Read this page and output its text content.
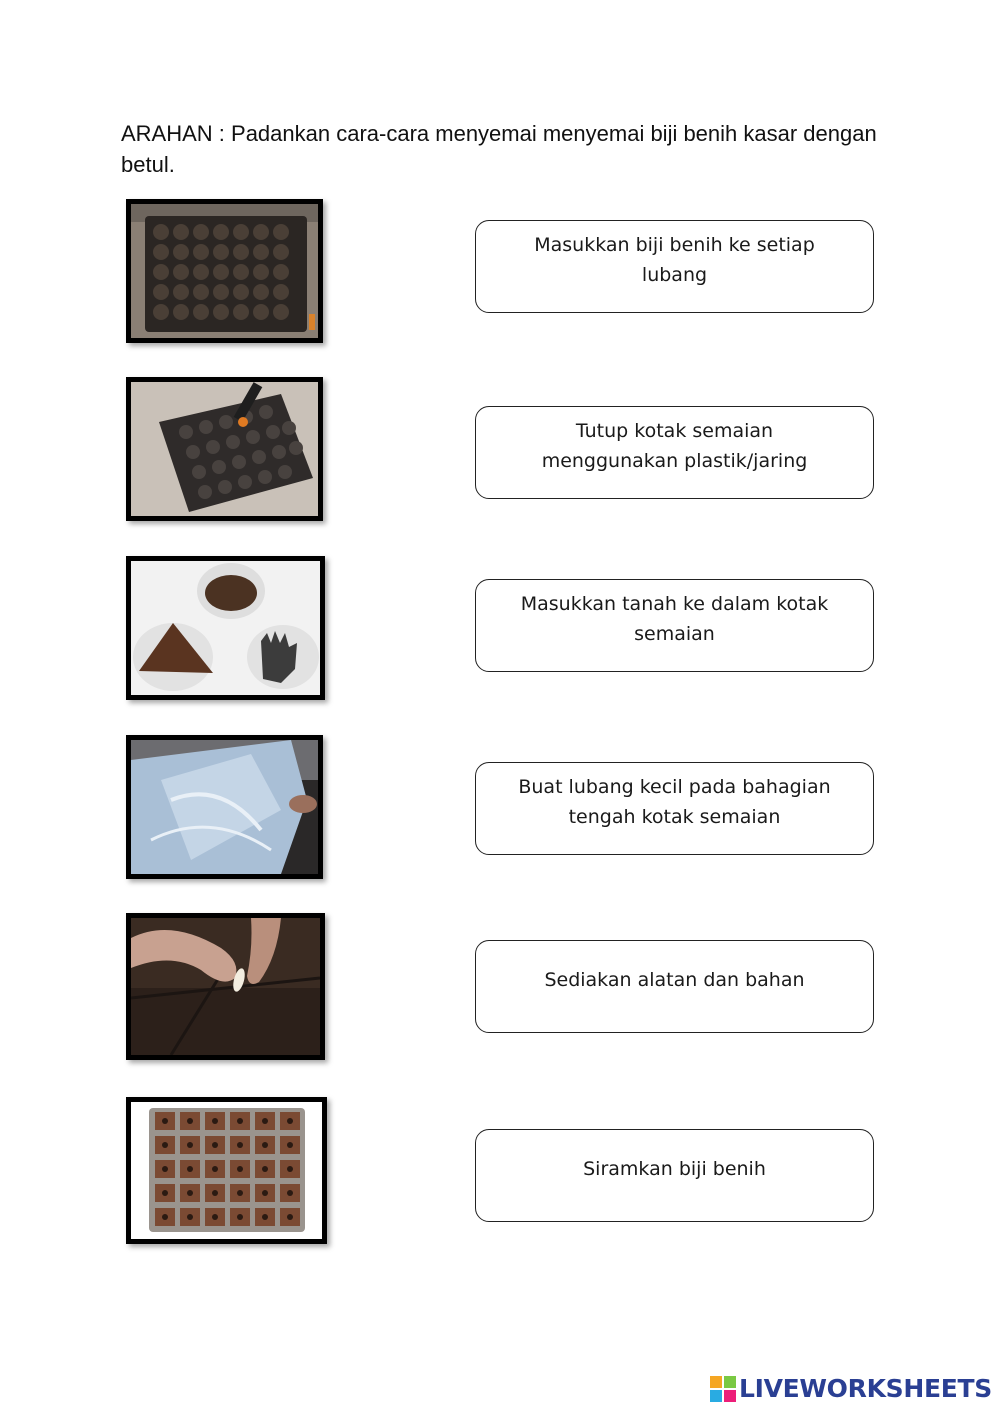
ARAHAN : Padankan cara-cara menyemai menyemai biji benih kasar dengan betul.
Masukkan biji benih ke setiap lubang
Tutup kotak semaian menggunakan plastik/jaring
Masukkan tanah ke dalam kotak semaian
Buat lubang kecil pada bahagian tengah kotak semaian
Sediakan alatan dan bahan
Siramkan biji benih
LIVEWORKSHEETS
